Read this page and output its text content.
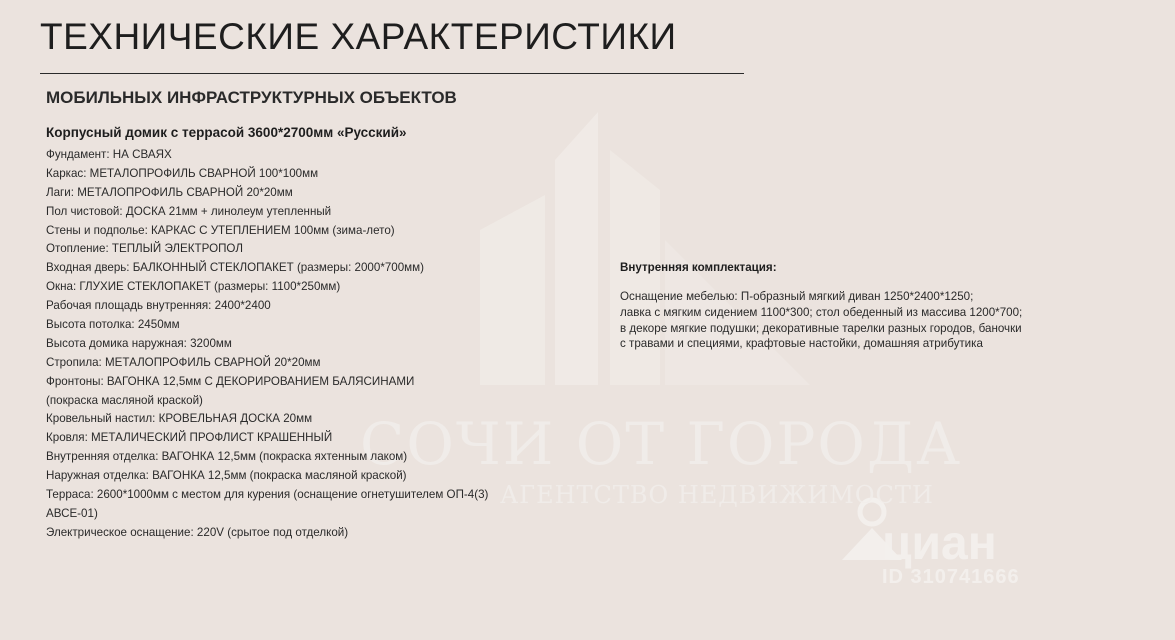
СОЧИ ОТ ГОРОДА
АГЕНТСТВО НЕДВИЖИМОСТИ
циан
ID 310741666
ТЕХНИЧЕСКИЕ ХАРАКТЕРИСТИКИ
МОБИЛЬНЫХ ИНФРАСТРУКТУРНЫХ ОБЪЕКТОВ
Корпусный домик с террасой 3600*2700мм «Русский»
Фундамент: НА СВАЯХ
Каркас: МЕТАЛОПРОФИЛЬ СВАРНОЙ 100*100мм
Лаги: МЕТАЛОПРОФИЛЬ СВАРНОЙ 20*20мм
Пол чистовой: ДОСКА 21мм + линолеум утепленный
Стены и подполье: КАРКАС С УТЕПЛЕНИЕМ 100мм (зима-лето)
Отопление: ТЕПЛЫЙ ЭЛЕКТРОПОЛ
Входная дверь: БАЛКОННЫЙ СТЕКЛОПАКЕТ (размеры: 2000*700мм)
Окна: ГЛУХИЕ СТЕКЛОПАКЕТ (размеры: 1100*250мм)
Рабочая площадь внутренняя: 2400*2400
Высота потолка: 2450мм
Высота домика наружная: 3200мм
Стропила: МЕТАЛОПРОФИЛЬ СВАРНОЙ 20*20мм
Фронтоны: ВАГОНКА 12,5мм С ДЕКОРИРОВАНИЕМ БАЛЯСИНАМИ
(покраска масляной краской)
Кровельный настил: КРОВЕЛЬНАЯ ДОСКА 20мм
Кровля: МЕТАЛИЧЕСКИЙ ПРОФЛИСТ КРАШЕННЫЙ
Внутренняя отделка: ВАГОНКА 12,5мм (покраска яхтенным лаком)
Наружная отделка: ВАГОНКА 12,5мм (покраска масляной краской)
Терраса: 2600*1000мм с местом для курения (оснащение огнетушителем ОП-4(3)
АВСЕ-01)
Электрическое оснащение: 220V (срытое под отделкой)
Внутренняя комплектация:
Оснащение мебелью: П-образный мягкий диван 1250*2400*1250;
лавка с мягким сидением 1100*300; стол обеденный из массива 1200*700;
в декоре мягкие подушки; декоративные тарелки разных городов, баночки
с травами и специями, крафтовые настойки, домашняя атрибутика
